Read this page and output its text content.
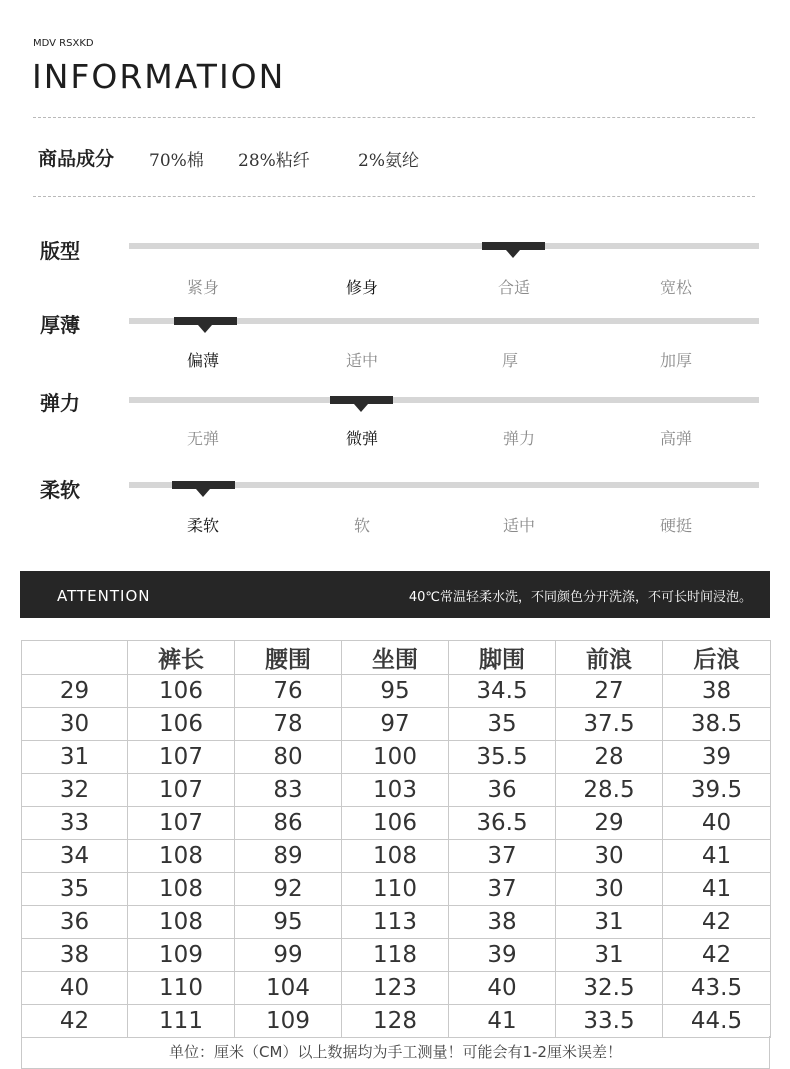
MDV RSXKD
INFORMATION
商品成分 70%棉 28%粘纤	2%氨纶
版型
紧身	修身	合适	宽松
厚薄
偏薄	适中	厚	加厚
弹力
无弹	微弹	弹力	高弹
柔软
柔软	软	适中	硬挺
ATTENTION	40℃常温轻柔水洗，不同颜色分开洗涤，不可长时间浸泡。
	裤长	腰围	坐围	脚围	前浪	后浪
29	106	76	95	34.5	27	38
30	106	78	97	35	37.5	38.5
31	107	80	100	35.5	28	39
32	107	83	103	36	28.5	39.5
33	107	86	106	36.5	29	40
34	108	89	108	37	30	41
35	108	92	110	37	30	41
36	108	95	113	38	31	42
38	109	99	118	39	31	42
40	110	104	123	40	32.5	43.5
42	111	109	128	41	33.5	44.5
单位：厘米（CM）以上数据均为手工测量！可能会有1-2厘米误差！
